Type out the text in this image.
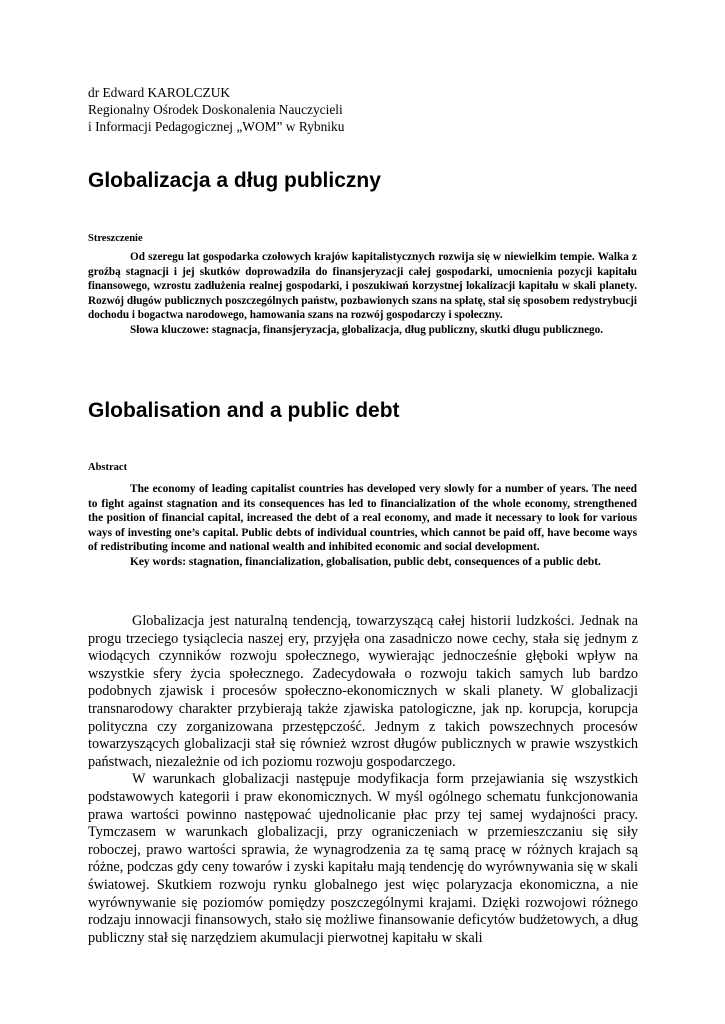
dr Edward KAROLCZUK
Regionalny Ośrodek Doskonalenia Nauczycieli
i Informacji Pedagogicznej „WOM” w Rybniku
Globalizacja a dług publiczny
Streszczenie

Od szeregu lat gospodarka czołowych krajów kapitalistycznych rozwija się w niewielkim tempie. Walka z groźbą stagnacji i jej skutków doprowadziła do finansjeryzacji całej gospodarki, umocnienia pozycji kapitału finansowego, wzrostu zadłużenia realnej gospodarki, i poszukiwań korzystnej lokalizacji kapitału w skali planety. Rozwój długów publicznych poszczególnych państw, pozbawionych szans na spłatę, stał się sposobem redystrybucji dochodu i bogactwa narodowego, hamowania szans na rozwój gospodarczy i społeczny.

Słowa kluczowe: stagnacja, finansjeryzacja, globalizacja, dług publiczny, skutki długu publicznego.

Globalisation and a public debt
Abstract

The economy of leading capitalist countries has developed very slowly for a number of years. The need to fight against stagnation and its consequences has led to financialization of the whole economy, strengthened the position of financial capital, increased the debt of a real economy, and made it necessary to look for various ways of investing one’s capital. Public debts of individual countries, which cannot be paid off, have become ways of redistributing income and national wealth and inhibited economic and social development.

Key words: stagnation, financialization, globalisation, public debt, consequences of a public debt.

Globalizacja jest naturalną tendencją, towarzyszącą całej historii ludzkości. Jednak na progu trzeciego tysiąclecia naszej ery, przyjęła ona zasadniczo nowe cechy, stała się jednym z wiodących czynników rozwoju społecznego, wywierając jednocześnie głęboki wpływ na wszystkie sfery życia społecznego. Zadecydowała o rozwoju takich samych lub bardzo podobnych zjawisk i procesów społeczno-ekonomicznych w skali planety. W globalizacji transnarodowy charakter przybierają także zjawiska patologiczne, jak np. korupcja, korupcja polityczna czy zorganizowana przestępczość. Jednym z takich powszechnych procesów towarzyszących globalizacji stał się również wzrost długów publicznych w prawie wszystkich państwach, niezależnie od ich poziomu rozwoju gospodarczego.

W warunkach globalizacji następuje modyfikacja form przejawiania się wszystkich podstawowych kategorii i praw ekonomicznych. W myśl ogólnego schematu funkcjonowania prawa wartości powinno następować ujednolicanie płac przy tej samej wydajności pracy. Tymczasem w warunkach globalizacji, przy ograniczeniach w przemieszczaniu się siły roboczej, prawo wartości sprawia, że wynagrodzenia za tę samą pracę w różnych krajach są różne, podczas gdy ceny towarów i zyski kapitału mają tendencję do wyrównywania się w skali światowej. Skutkiem rozwoju rynku globalnego jest więc polaryzacja ekonomiczna, a nie wyrównywanie się poziomów pomiędzy poszczególnymi krajami. Dzięki rozwojowi różnego rodzaju innowacji finansowych, stało się możliwe finansowanie deficytów budżetowych, a dług publiczny stał się narzędziem akumulacji pierwotnej kapitału w skali
